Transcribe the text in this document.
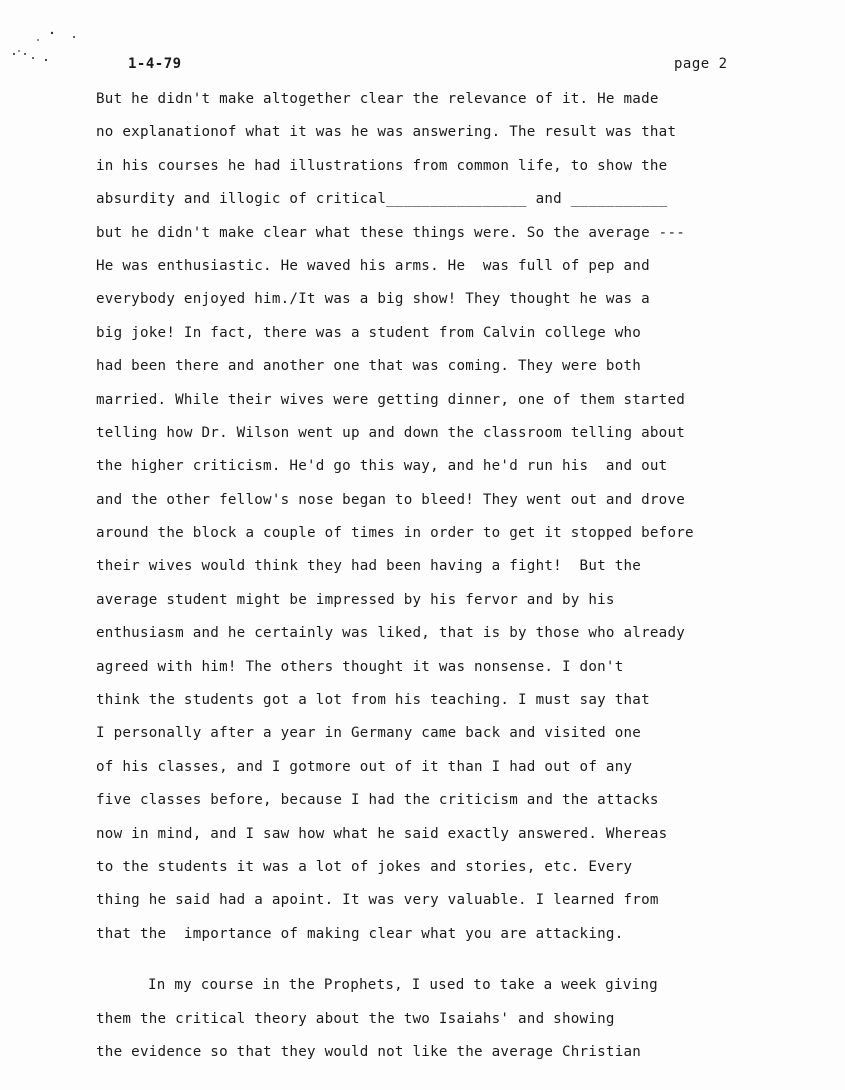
1-4-79	page 2
But he didn't make altogether clear the relevance of it. He made
no explanationof what it was he was answering. The result was that
in his courses he had illustrations from common life, to show the
absurdity and illogic of critical________________ and ___________
but he didn't make clear what these things were. So the average ---
He was enthusiastic. He waved his arms. He  was full of pep and
everybody enjoyed him./It was a big show! They thought he was a
big joke! In fact, there was a student from Calvin college who
had been there and another one that was coming. They were both
married. While their wives were getting dinner, one of them started
telling how Dr. Wilson went up and down the classroom telling about
the higher criticism. He'd go this way, and he'd run his  and out
and the other fellow's nose began to bleed! They went out and drove
around the block a couple of times in order to get it stopped before
their wives would think they had been having a fight!  But the
average student might be impressed by his fervor and by his
enthusiasm and he certainly was liked, that is by those who already
agreed with him! The others thought it was nonsense. I don't
think the students got a lot from his teaching. I must say that
I personally after a year in Germany came back and visited one
of his classes, and I gotmore out of it than I had out of any
five classes before, because I had the criticism and the attacks
now in mind, and I saw how what he said exactly answered. Whereas
to the students it was a lot of jokes and stories, etc. Every
thing he said had a apoint. It was very valuable. I learned from
that the  importance of making clear what you are attacking.
In my course in the Prophets, I used to take a week giving
them the critical theory about the two Isaiahs' and showing
the evidence so that they would not like the average Christian
